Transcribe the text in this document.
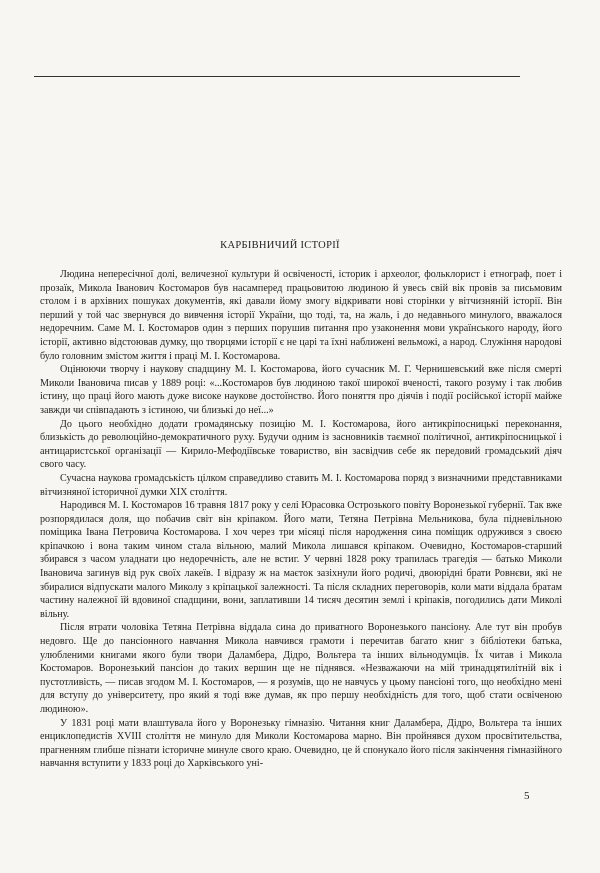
КАРБІВНИЧИЙ ІСТОРІЇ

Людина непересічної долі, величезної культури й освіченості, історик і археолог, фольклорист і етнограф, поет і прозаїк, Микола Іванович Костомаров був насамперед працьовитою людиною й увесь свій вік провів за письмовим столом і в архівних пошуках документів, які давали йому змогу відкривати нові сторінки у вітчизняній історії. Він перший у той час звернувся до вивчення історії України, що тоді, та, на жаль, і до недавнього минулого, вважалося недоречним. Саме М. І. Костомаров один з перших порушив питання про узаконення мови українського народу, його історії, активно відстоював думку, що творцями історії є не царі та їхні наближені вельможі, а народ. Служіння народові було головним змістом життя і праці М. І. Костомарова.

Оцінюючи творчу і наукову спадщину М. І. Костомарова, його сучасник М. Г. Чернишевський вже після смерті Миколи Івановича писав у 1889 році: «...Костомаров був людиною такої широкої вченості, такого розуму і так любив істину, що праці його мають дуже високе наукове достоїнство. Його поняття про діячів і події російської історії майже завжди чи співпадають з істиною, чи близькі до неї...»

До цього необхідно додати громадянську позицію М. І. Костомарова, його антикріпосницькі переконання, близькість до революційно-демократичного руху. Будучи одним із засновників таємної політичної, антикріпосницької і антицаристської організації — Кирило-Мефодіївське товариство, він засвідчив себе як передовий громадський діяч свого часу.

Сучасна наукова громадськість цілком справедливо ставить М. І. Костомарова поряд з визначними представниками вітчизняної історичної думки XIX століття.

Народився М. І. Костомаров 16 травня 1817 року у селі Юрасовка Острозького повіту Воронезької губернії. Так вже розпорядилася доля, що побачив світ він кріпаком. Його мати, Тетяна Петрівна Мельникова, була підневільною поміщика Івана Петровича Костомарова. І хоч через три місяці після народження сина поміщик одружився з своєю кріпачкою і вона таким чином стала вільною, малий Микола лишався кріпаком. Очевидно, Костомаров-старший збирався з часом уладнати цю недоречність, але не встиг. У червні 1828 року трапилась трагедія — батько Миколи Івановича загинув від рук своїх лакеїв. І відразу ж на маєток зазіхнули його родичі, двоюрідні брати Ровнєви, які не збиралися відпускати малого Миколу з кріпацької залежності. Та після складних переговорів, коли мати віддала братам частину належної їй вдовиної спадщини, вони, заплативши 14 тисяч десятин землі і кріпаків, погодились дати Миколі вільну.

Після втрати чоловіка Тетяна Петрівна віддала сина до приватного Воронезького пансіону. Але тут він пробув недовго. Ще до пансіонного навчання Микола навчився грамоти і перечитав багато книг з бібліотеки батька, улюбленими книгами якого були твори Даламбера, Дідро, Вольтера та інших вільнодумців. Їх читав і Микола Костомаров. Воронезький пансіон до таких вершин ще не піднявся. «Незважаючи на мій тринадцятилітній вік і пустотливість, — писав згодом М. І. Костомаров, — я розумів, що не навчусь у цьому пансіоні того, що необхідно мені для вступу до університету, про який я тоді вже думав, як про першу необхідність для того, щоб стати освіченою людиною».

У 1831 році мати влаштувала його у Воронезьку гімназію. Читання книг Даламбера, Дідро, Вольтера та інших енциклопедистів XVIII століття не минуло для Миколи Костомарова марно. Він пройнявся духом просвітительства, прагненням глибше пізнати історичне минуле свого краю. Очевидно, це й спонукало його після закінчення гімназійного навчання вступити у 1833 році до Харківського уні-

5
